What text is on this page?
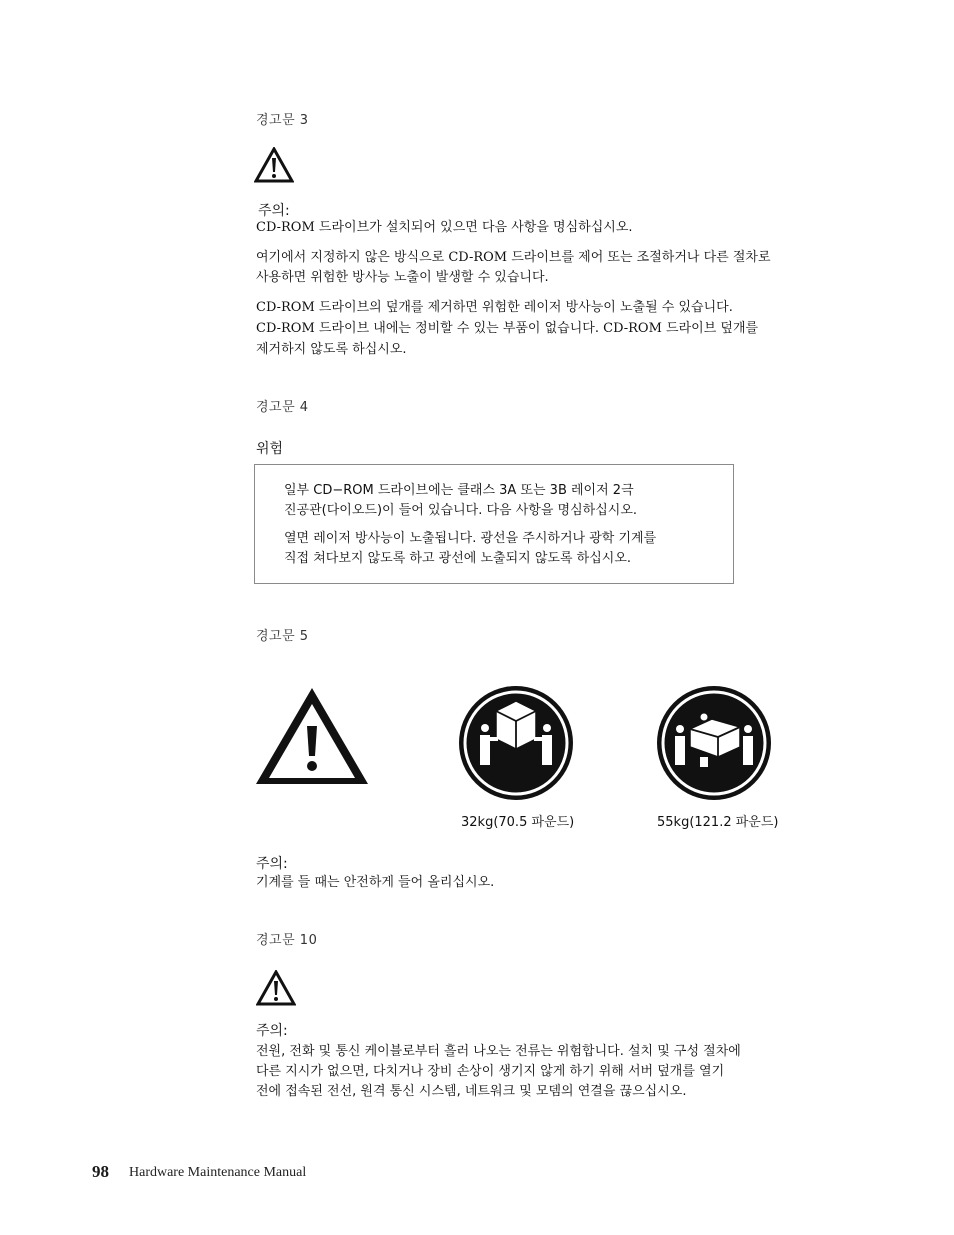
경고문 3
주의:
CD-ROM 드라이브가 설치되어 있으면 다음 사항을 명심하십시오.
여기에서 지정하지 않은 방식으로 CD-ROM 드라이브를 제어 또는 조절하거나 다른 절차로
사용하면 위험한 방사능 노출이 발생할 수 있습니다.
CD-ROM 드라이브의 덮개를 제거하면 위험한 레이저 방사능이 노출될 수 있습니다.
CD-ROM 드라이브 내에는 정비할 수 있는 부품이 없습니다. CD-ROM 드라이브 덮개를
제거하지 않도록 하십시오.
경고문 4
위험
일부 CD−ROM 드라이브에는 클래스 3A 또는 3B 레이저 2극
진공관(다이오드)이 들어 있습니다. 다음 사항을 명심하십시오.
열면 레이저 방사능이 노출됩니다. 광선을 주시하거나 광학 기계를
직접 쳐다보지 않도록 하고 광선에 노출되지 않도록 하십시오.
경고문 5
32kg(70.5 파운드)	55kg(121.2 파운드)
주의:
기계를 들 때는 안전하게 들어 올리십시오.
경고문 10
주의:
전원, 전화 및 통신 케이블로부터 흘러 나오는 전류는 위험합니다. 설치 및 구성 절차에
다른 지시가 없으면, 다치거나 장비 손상이 생기지 않게 하기 위해 서버 덮개를 열기
전에 접속된 전선, 원격 통신 시스템, 네트워크 및 모뎀의 연결을 끊으십시오.
98 Hardware Maintenance Manual
